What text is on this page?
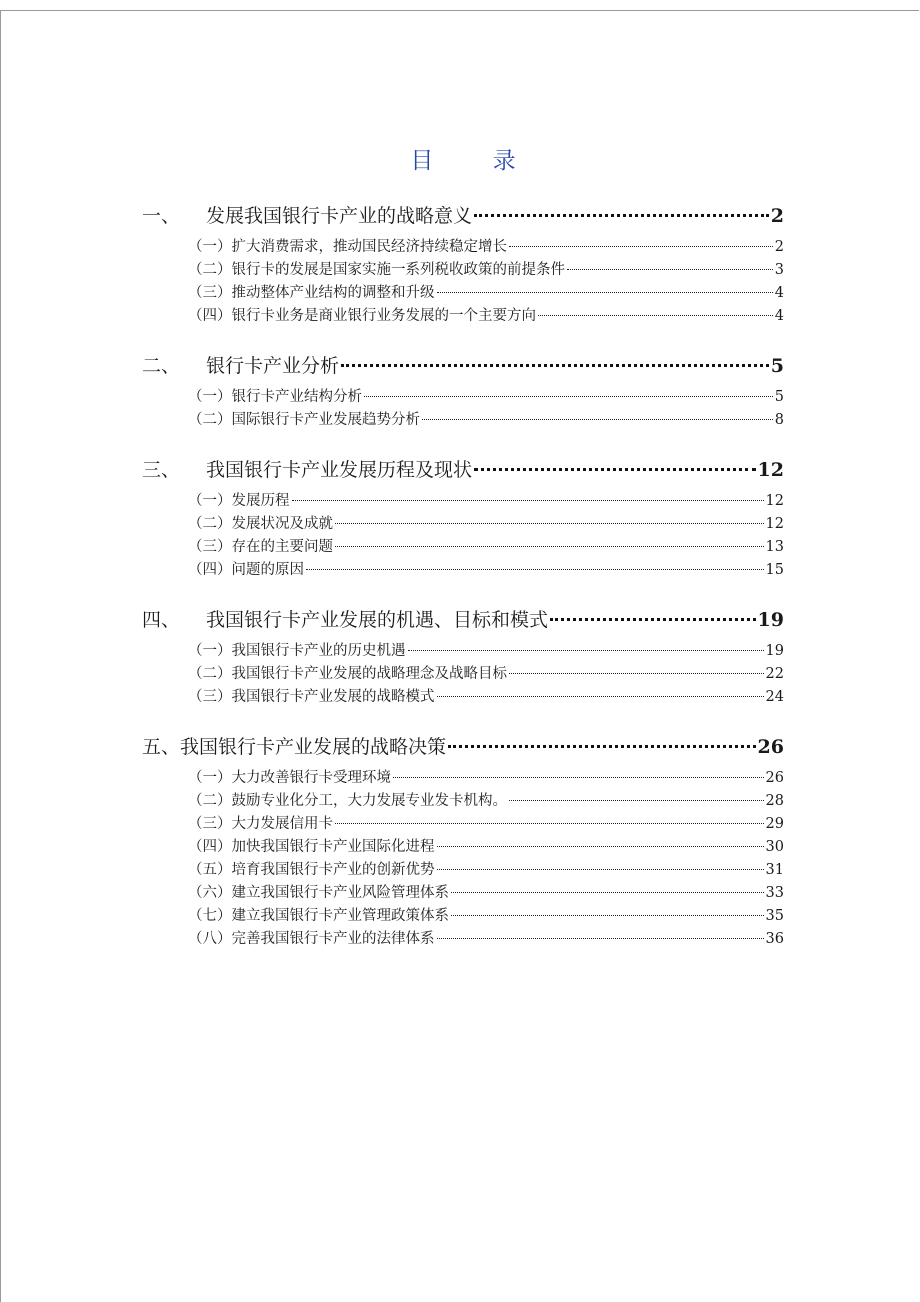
目 录
一、	发展我国银行卡产业的战略意义	2
（一） 扩大消费需求，推动国民经济持续稳定增长	2
（二） 银行卡的发展是国家实施一系列税收政策的前提条件	3
（三） 推动整体产业结构的调整和升级	4
（四） 银行卡业务是商业银行业务发展的一个主要方向	4
二、	银行卡产业分析	5
（一） 银行卡产业结构分析	5
（二） 国际银行卡产业发展趋势分析	8
三、	我国银行卡产业发展历程及现状	12
（一） 发展历程	12
（二） 发展状况及成就	12
（三） 存在的主要问题	13
（四） 问题的原因	15
四、	我国银行卡产业发展的机遇、目标和模式	19
（一） 我国银行卡产业的历史机遇	19
（二） 我国银行卡产业发展的战略理念及战略目标	22
（三） 我国银行卡产业发展的战略模式	24
五、 我国银行卡产业发展的战略决策	26
（一） 大力改善银行卡受理环境	26
（二） 鼓励专业化分工，大力发展专业发卡机构。	28
（三） 大力发展信用卡	29
（四） 加快我国银行卡产业国际化进程	30
（五） 培育我国银行卡产业的创新优势	31
（六） 建立我国银行卡产业风险管理体系	33
（七） 建立我国银行卡产业管理政策体系	35
（八） 完善我国银行卡产业的法律体系	36
